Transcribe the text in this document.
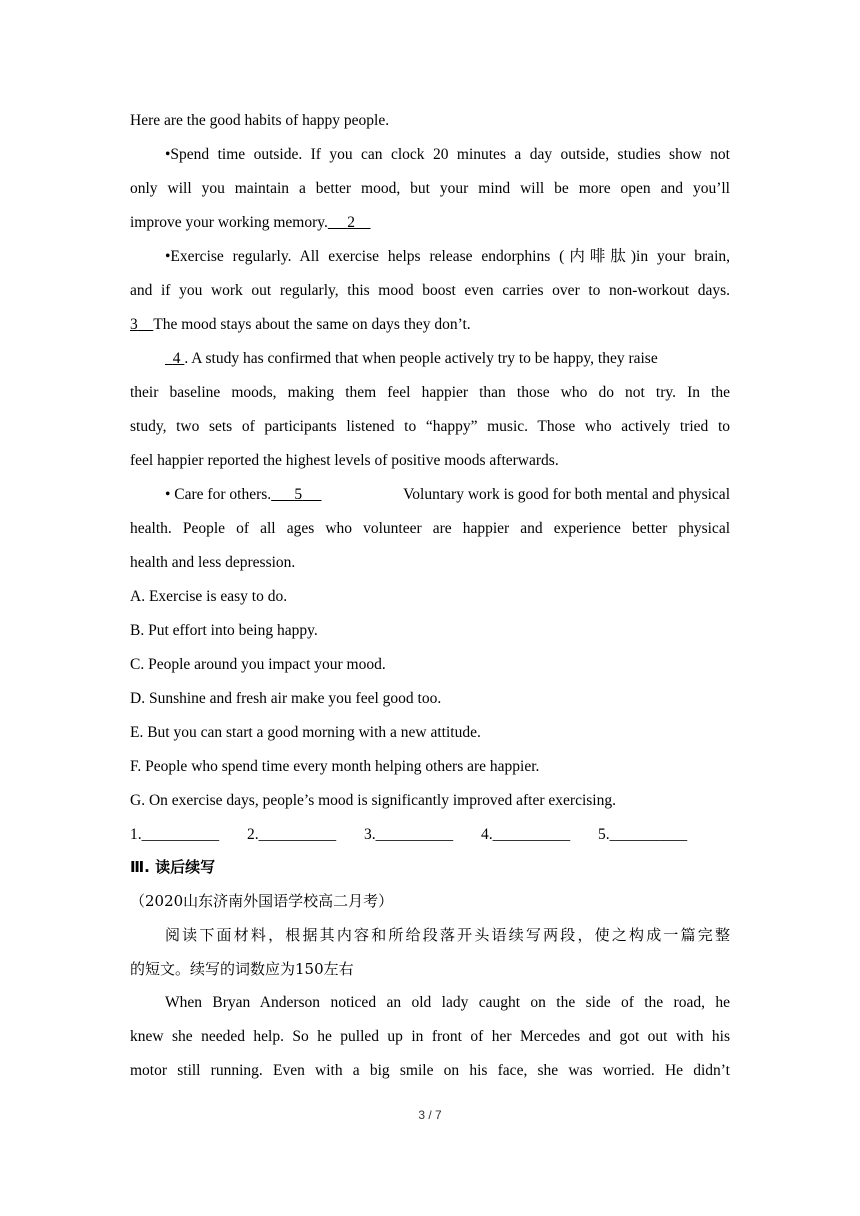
Here are the good habits of happy people.
•Spend time outside. If you can clock 20 minutes a day outside, studies show not
only will you maintain a better mood, but your mind will be more open and you’ll
improve your working memory. 2
•Exercise regularly. All exercise helps release endorphins (内啡肽)in your brain,
and if you work out regularly, this mood boost even carries over to non-workout days.
3 The mood stays about the same on days they don’t.
4 . A study has confirmed that when people actively try to be happy, they raise
their baseline moods, making them feel happier than those who do not try. In the
study, two sets of participants listened to “happy” music. Those who actively tried to
feel happier reported the highest levels of positive moods afterwards.
• Care for others. 5	Voluntary work is good for both mental and physical
health. People of all ages who volunteer are happier and experience better physical
health and less depression.
A. Exercise is easy to do.
B. Put effort into being happy.
C. People around you impact your mood.
D. Sunshine and fresh air make you feel good too.
E. But you can start a good morning with a new attitude.
F. People who spend time every month helping others are happier.
G. On exercise days, people’s mood is significantly improved after exercising.
1.__________ 2.__________ 3.__________ 4.__________ 5.__________
Ⅲ. 读后续写
（2020山东济南外国语学校高二月考）
阅读下面材料，根据其内容和所给段落开头语续写两段，使之构成一篇完整
的短文。续写的词数应为150左右
When Bryan Anderson noticed an old lady caught on the side of the road, he
knew she needed help. So he pulled up in front of her Mercedes and got out with his
motor still running. Even with a big smile on his face, she was worried. He didn’t
3 / 7
